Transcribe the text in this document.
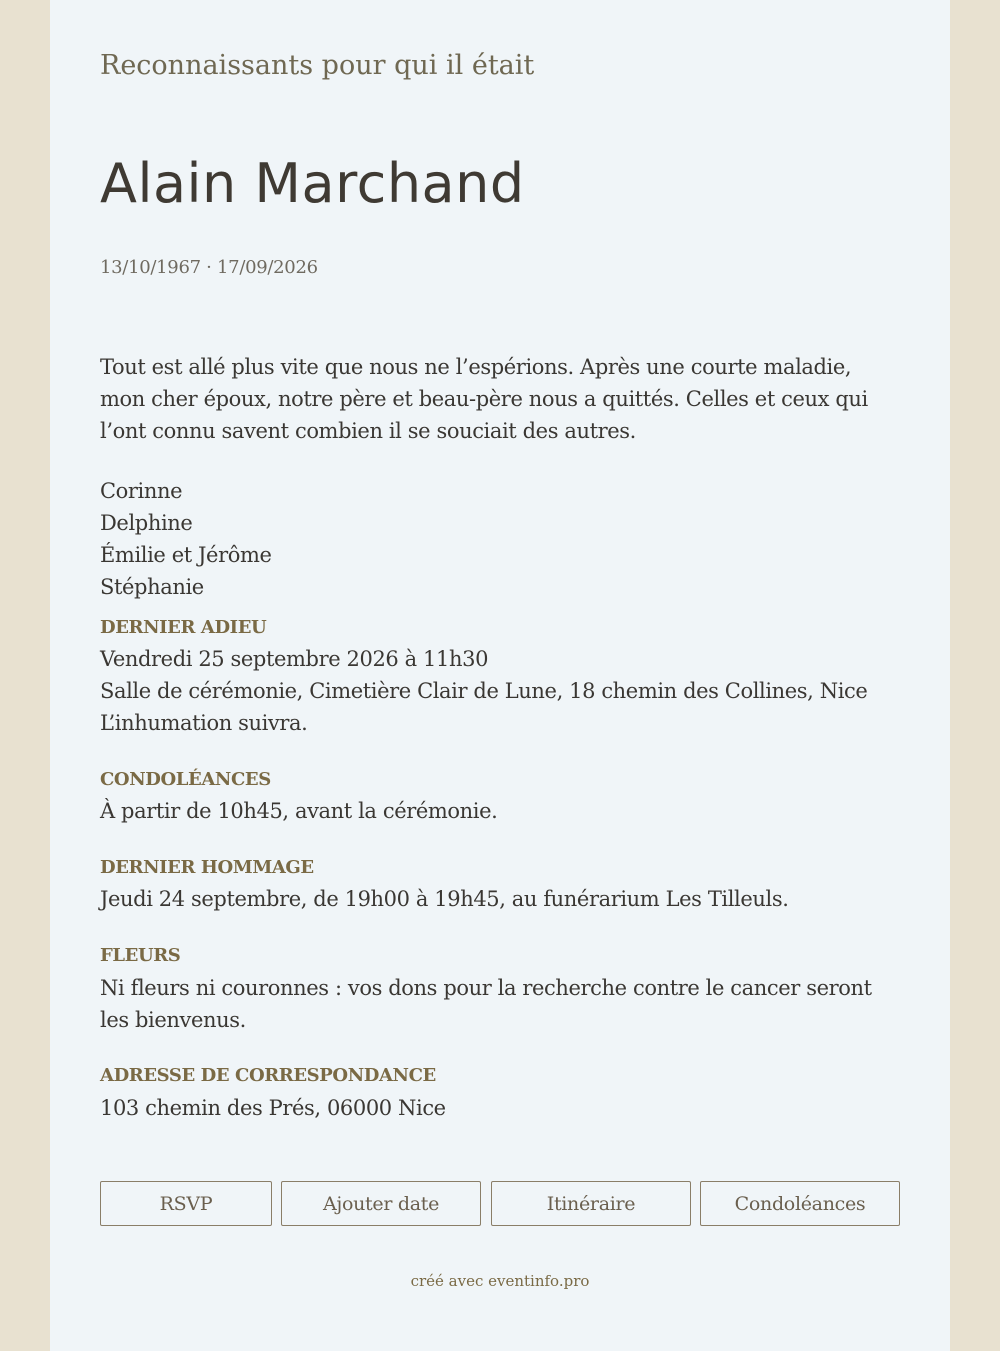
Reconnaissants pour qui il était
Alain Marchand
13/10/1967 · 17/09/2026
Tout est allé plus vite que nous ne l’espérions. Après une courte maladie, mon cher époux, notre père et beau-père nous a quittés. Celles et ceux qui l’ont connu savent combien il se souciait des autres.
Corinne
Delphine
Émilie et Jérôme
Stéphanie
DERNIER ADIEU
Vendredi 25 septembre 2026 à 11h30
Salle de cérémonie, Cimetière Clair de Lune, 18 chemin des Collines, Nice
L’inhumation suivra.
CONDOLÉANCES
À partir de 10h45, avant la cérémonie.
DERNIER HOMMAGE
Jeudi 24 septembre, de 19h00 à 19h45, au funérarium Les Tilleuls.
FLEURS
Ni fleurs ni couronnes : vos dons pour la recherche contre le cancer seront les bienvenus.
ADRESSE DE CORRESPONDANCE
103 chemin des Prés, 06000 Nice
RSVP	Ajouter date	Itinéraire	Condoléances
créé avec eventinfo.pro
